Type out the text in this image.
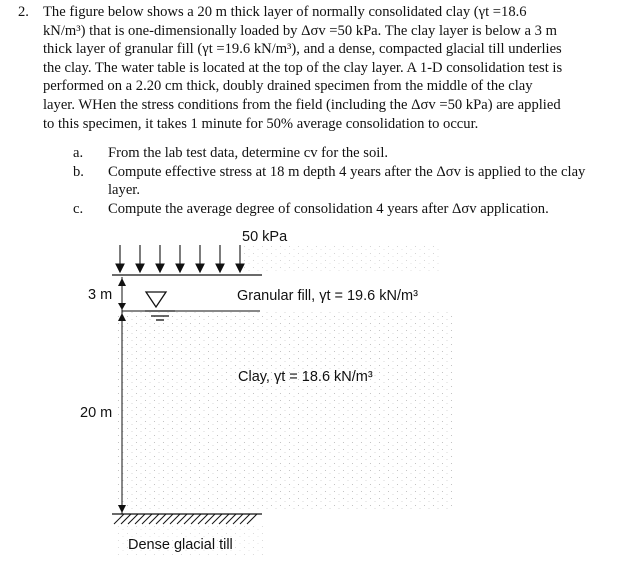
2. The figure below shows a 20 m thick layer of normally consolidated clay (γt =18.6
kN/m³) that is one-dimensionally loaded by Δσv =50 kPa. The clay layer is below a 3 m
thick layer of granular fill (γt =19.6 kN/m³), and a dense, compacted glacial till underlies
the clay. The water table is located at the top of the clay layer. A 1-D consolidation test is
performed on a 2.20 cm thick, doubly drained specimen from the middle of the clay
layer. WHen the stress conditions from the field (including the Δσv =50 kPa) are applied
to this specimen, it takes 1 minute for 50% average consolidation to occur.
a. From the lab test data, determine cv for the soil.
b. Compute effective stress at 18 m depth 4 years after the Δσv is applied to the clay
layer.
c. Compute the average degree of consolidation 4 years after Δσv application.
50 kPa
3 m	Granular fill, γt = 19.6 kN/m³
Clay, γt = 18.6 kN/m³
20 m
Dense glacial till
